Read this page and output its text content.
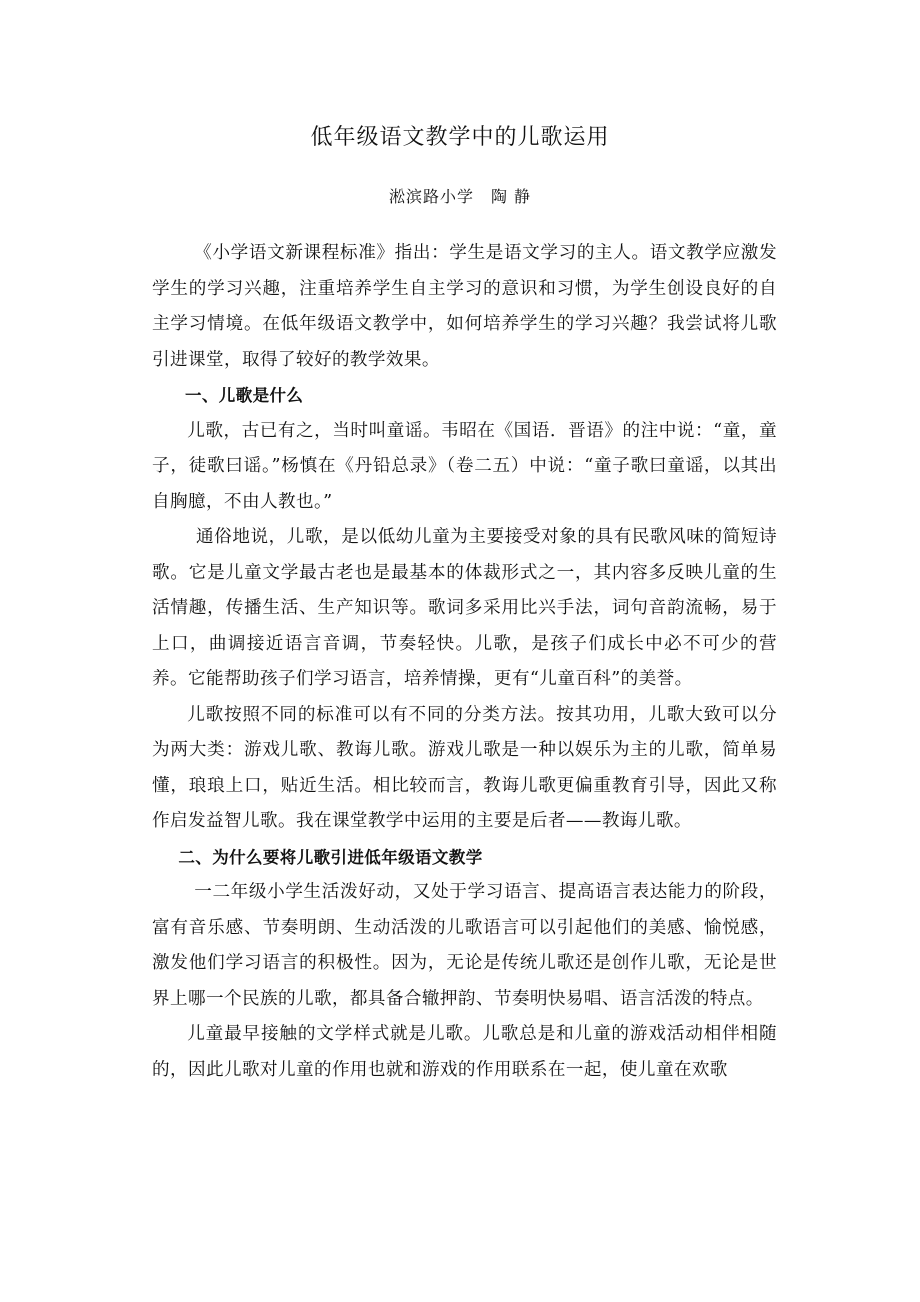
低年级语文教学中的儿歌运用
淞滨路小学　陶 静

《小学语文新课程标准》指出：学生是语文学习的主人。语文教学应激发学生的学习兴趣，注重培养学生自主学习的意识和习惯，为学生创设良好的自主学习情境。在低年级语文教学中，如何培养学生的学习兴趣？我尝试将儿歌引进课堂，取得了较好的教学效果。

一、儿歌是什么

儿歌，古已有之，当时叫童谣。韦昭在《国语．晋语》的注中说：“童，童子，徒歌曰谣。”杨慎在《丹铅总录》（卷二五）中说：“童子歌曰童谣，以其出自胸臆，不由人教也。”

通俗地说，儿歌，是以低幼儿童为主要接受对象的具有民歌风味的简短诗歌。它是儿童文学最古老也是最基本的体裁形式之一，其内容多反映儿童的生活情趣，传播生活、生产知识等。歌词多采用比兴手法，词句音韵流畅，易于上口，曲调接近语言音调，节奏轻快。儿歌，是孩子们成长中必不可少的营养。它能帮助孩子们学习语言，培养情操，更有“儿童百科”的美誉。

儿歌按照不同的标准可以有不同的分类方法。按其功用，儿歌大致可以分为两大类：游戏儿歌、教诲儿歌。游戏儿歌是一种以娱乐为主的儿歌，简单易懂，琅琅上口，贴近生活。相比较而言，教诲儿歌更偏重教育引导，因此又称作启发益智儿歌。我在课堂教学中运用的主要是后者——教诲儿歌。

二、为什么要将儿歌引进低年级语文教学

一二年级小学生活泼好动，又处于学习语言、提高语言表达能力的阶段，富有音乐感、节奏明朗、生动活泼的儿歌语言可以引起他们的美感、愉悦感，激发他们学习语言的积极性。因为，无论是传统儿歌还是创作儿歌，无论是世界上哪一个民族的儿歌，都具备合辙押韵、节奏明快易唱、语言活泼的特点。

儿童最早接触的文学样式就是儿歌。儿歌总是和儿童的游戏活动相伴相随的，因此儿歌对儿童的作用也就和游戏的作用联系在一起，使儿童在欢歌
